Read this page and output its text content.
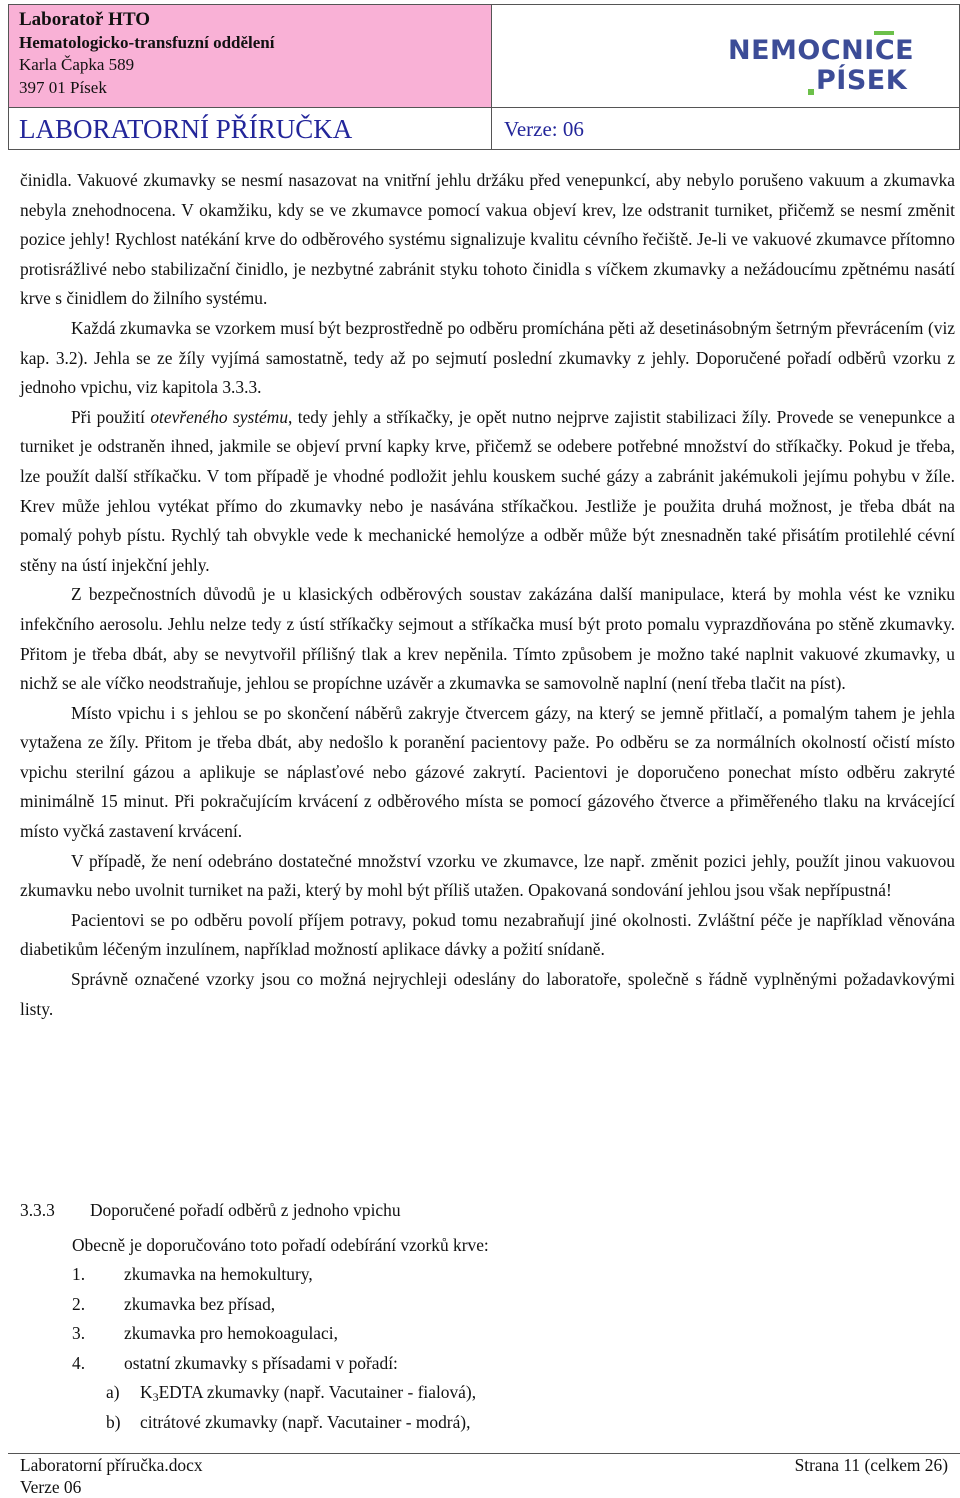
Laboratoř HTO
Hematologicko-transfuzní oddělení
Karla Čapka 589
397 01 Písek
NEMOCNICE
PÍSEK
LABORATORNÍ PŘÍRUČKA	Verze: 06

činidla. Vakuové zkumavky se nesmí nasazovat na vnitřní jehlu držáku před venepunkcí, aby nebylo porušeno vakuum a zkumavka nebyla znehodnocena. V okamžiku, kdy se ve zkumavce pomocí vakua objeví krev, lze odstranit turniket, přičemž se nesmí změnit pozice jehly! Rychlost natékání krve do odběrového systému signalizuje kvalitu cévního řečiště. Je-li ve vakuové zkumavce přítomno protisrážlivé nebo stabilizační činidlo, je nezbytné zabránit styku tohoto činidla s víčkem zkumavky a nežádoucímu zpětnému nasátí krve s činidlem do žilního systému.

Každá zkumavka se vzorkem musí být bezprostředně po odběru promíchána pěti až desetinásobným šetrným převrácením (viz kap. 3.2). Jehla se ze žíly vyjímá samostatně, tedy až po sejmutí poslední zkumavky z jehly. Doporučené pořadí odběrů vzorku z jednoho vpichu, viz kapitola 3.3.3.

Při použití otevřeného systému, tedy jehly a stříkačky, je opět nutno nejprve zajistit stabilizaci žíly. Provede se venepunkce a turniket je odstraněn ihned, jakmile se objeví první kapky krve, přičemž se odebere potřebné množství do stříkačky. Pokud je třeba, lze použít další stříkačku. V tom případě je vhodné podložit jehlu kouskem suché gázy a zabránit jakémukoli jejímu pohybu v žíle. Krev může jehlou vytékat přímo do zkumavky nebo je nasávána stříkačkou. Jestliže je použita druhá možnost, je třeba dbát na pomalý pohyb pístu. Rychlý tah obvykle vede k mechanické hemolýze a odběr může být znesnadněn také přisátím protilehlé cévní stěny na ústí injekční jehly.

Z bezpečnostních důvodů je u klasických odběrových soustav zakázána další manipulace, která by mohla vést ke vzniku infekčního aerosolu. Jehlu nelze tedy z ústí stříkačky sejmout a stříkačka musí být proto pomalu vyprazdňována po stěně zkumavky. Přitom je třeba dbát, aby se nevytvořil přílišný tlak a krev nepěnila. Tímto způsobem je možno také naplnit vakuové zkumavky, u nichž se ale víčko neodstraňuje, jehlou se propíchne uzávěr a zkumavka se samovolně naplní (není třeba tlačit na píst).

Místo vpichu i s jehlou se po skončení náběrů zakryje čtvercem gázy, na který se jemně přitlačí, a pomalým tahem je jehla vytažena ze žíly. Přitom je třeba dbát, aby nedošlo k poranění pacientovy paže. Po odběru se za normálních okolností očistí místo vpichu sterilní gázou a aplikuje se náplasťové nebo gázové zakrytí. Pacientovi je doporučeno ponechat místo odběru zakryté minimálně 15 minut. Při pokračujícím krvácení z odběrového místa se pomocí gázového čtverce a přiměřeného tlaku na krvácející místo vyčká zastavení krvácení.

V případě, že není odebráno dostatečné množství vzorku ve zkumavce, lze např. změnit pozici jehly, použít jinou vakuovou zkumavku nebo uvolnit turniket na paži, který by mohl být příliš utažen. Opakovaná sondování jehlou jsou však nepřípustná!

Pacientovi se po odběru povolí příjem potravy, pokud tomu nezabraňují jiné okolnosti. Zvláštní péče je například věnována diabetikům léčeným inzulínem, například možností aplikace dávky a požití snídaně.

Správně označené vzorky jsou co možná nejrychleji odeslány do laboratoře, společně s řádně vyplněnými požadavkovými listy.

3.3.3 Doporučené pořadí odběrů z jednoho vpichu
Obecně je doporučováno toto pořadí odebírání vzorků krve:
1. zkumavka na hemokultury,
2. zkumavka bez přísad,
3. zkumavka pro hemokoagulaci,
4. ostatní zkumavky s přísadami v pořadí:
a) $K_3EDTA$ zkumavky (např. Vacutainer - fialová),
b) citrátové zkumavky (např. Vacutainer - modrá),
Laboratorní příručka.docx
Verze 06
Strana 11 (celkem 26)
